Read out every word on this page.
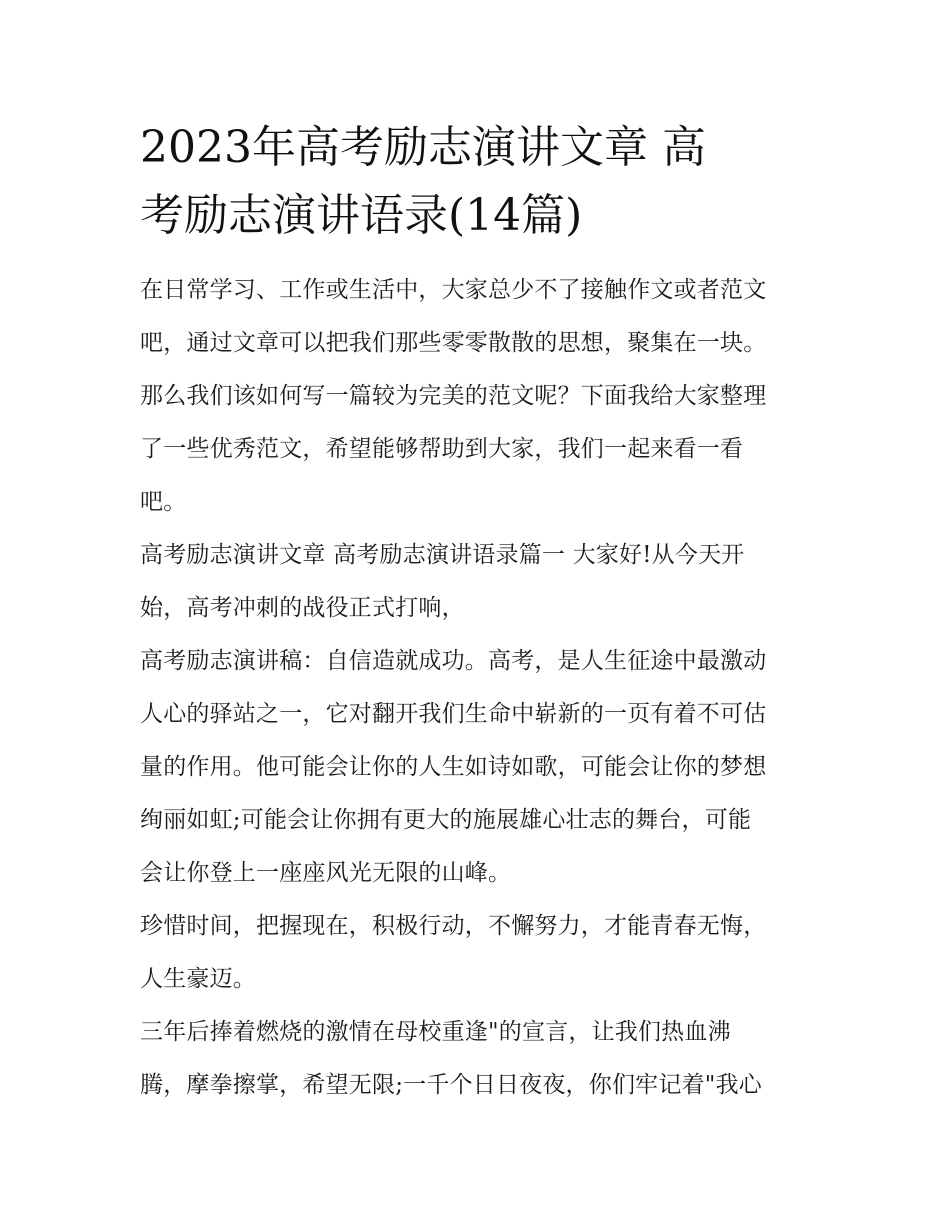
2023年高考励志演讲文章 高
考励志演讲语录(14篇)
在日常学习、工作或生活中，大家总少不了接触作文或者范文
吧，通过文章可以把我们那些零零散散的思想，聚集在一块。
那么我们该如何写一篇较为完美的范文呢？下面我给大家整理
了一些优秀范文，希望能够帮助到大家，我们一起来看一看
吧。
高考励志演讲文章 高考励志演讲语录篇一 大家好!从今天开
始，高考冲刺的战役正式打响，
高考励志演讲稿：自信造就成功。高考，是人生征途中最激动
人心的驿站之一，它对翻开我们生命中崭新的一页有着不可估
量的作用。他可能会让你的人生如诗如歌，可能会让你的梦想
绚丽如虹;可能会让你拥有更大的施展雄心壮志的舞台，可能
会让你登上一座座风光无限的山峰。
珍惜时间，把握现在，积极行动，不懈努力，才能青春无悔，
人生豪迈。
三年后捧着燃烧的激情在母校重逢"的宣言，让我们热血沸
腾，摩拳擦掌，希望无限;一千个日日夜夜，你们牢记着"我心
